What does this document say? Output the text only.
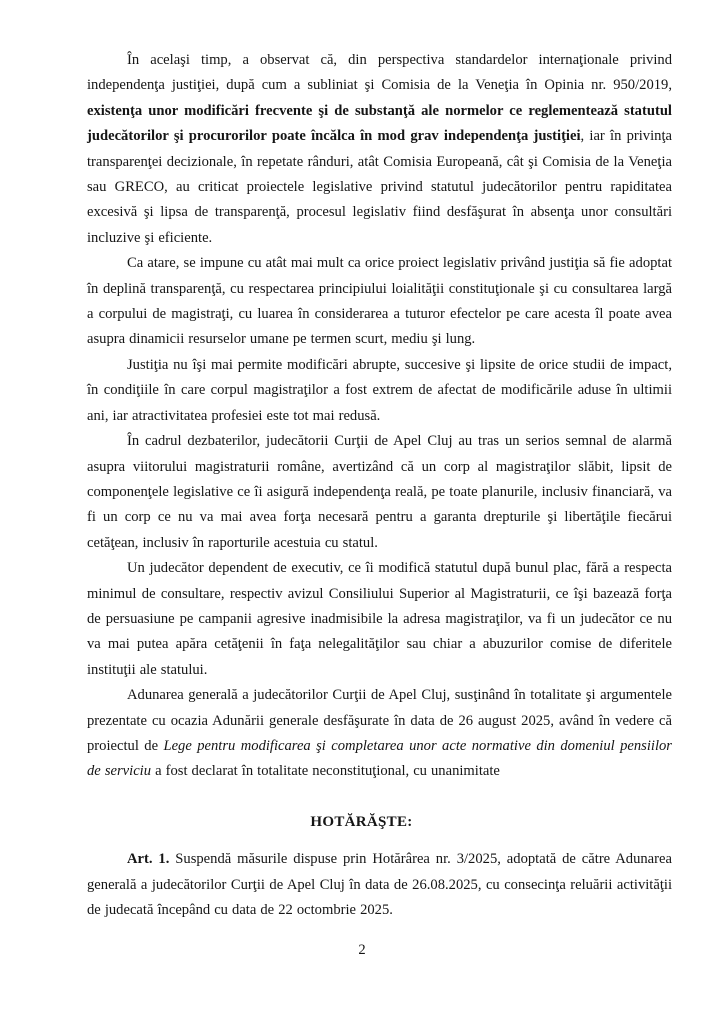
În acelaşi timp, a observat că, din perspectiva standardelor internaţionale privind independenţa justiţiei, după cum a subliniat şi Comisia de la Veneţia în Opinia nr. 950/2019, existenţa unor modificări frecvente şi de substanţă ale normelor ce reglementează statutul judecătorilor şi procurorilor poate încălca în mod grav independenţa justiţiei, iar în privinţa transparenţei decizionale, în repetate rânduri, atât Comisia Europeană, cât şi Comisia de la Veneţia sau GRECO, au criticat proiectele legislative privind statutul judecătorilor pentru rapiditatea excesivă şi lipsa de transparenţă, procesul legislativ fiind desfăşurat în absenţa unor consultări incluzive şi eficiente.

Ca atare, se impune cu atât mai mult ca orice proiect legislativ privând justiţia să fie adoptat în deplină transparenţă, cu respectarea principiului loialităţii constituţionale şi cu consultarea largă a corpului de magistraţi, cu luarea în considerarea a tuturor efectelor pe care acesta îl poate avea asupra dinamicii resurselor umane pe termen scurt, mediu şi lung.

Justiţia nu îşi mai permite modificări abrupte, succesive şi lipsite de orice studii de impact, în condiţiile în care corpul magistraţilor a fost extrem de afectat de modificările aduse în ultimii ani, iar atractivitatea profesiei este tot mai redusă.

În cadrul dezbaterilor, judecătorii Curţii de Apel Cluj au tras un serios semnal de alarmă asupra viitorului magistraturii române, avertizând că un corp al magistraţilor slăbit, lipsit de componenţele legislative ce îi asigură independenţa reală, pe toate planurile, inclusiv financiară, va fi un corp ce nu va mai avea forţa necesară pentru a garanta drepturile şi libertăţile fiecărui cetăţean, inclusiv în raporturile acestuia cu statul.

Un judecător dependent de executiv, ce îi modifică statutul după bunul plac, fără a respecta minimul de consultare, respectiv avizul Consiliului Superior al Magistraturii, ce îşi bazează forţa de persuasiune pe campanii agresive inadmisibile la adresa magistraţilor, va fi un judecător ce nu va mai putea apăra cetăţenii în faţa nelegalităţilor sau chiar a abuzurilor comise de diferitele instituţii ale statului.

Adunarea generală a judecătorilor Curţii de Apel Cluj, susţinând în totalitate şi argumentele prezentate cu ocazia Adunării generale desfăşurate în data de 26 august 2025, având în vedere că proiectul de Lege pentru modificarea şi completarea unor acte normative din domeniul pensiilor de serviciu a fost declarat în totalitate neconstituţional, cu unanimitate

HOTĂRĂŞTE:

Art. 1. Suspendă măsurile dispuse prin Hotărârea nr. 3/2025, adoptată de către Adunarea generală a judecătorilor Curţii de Apel Cluj în data de 26.08.2025, cu consecinţa reluării activităţii de judecată începând cu data de 22 octombrie 2025.

2
